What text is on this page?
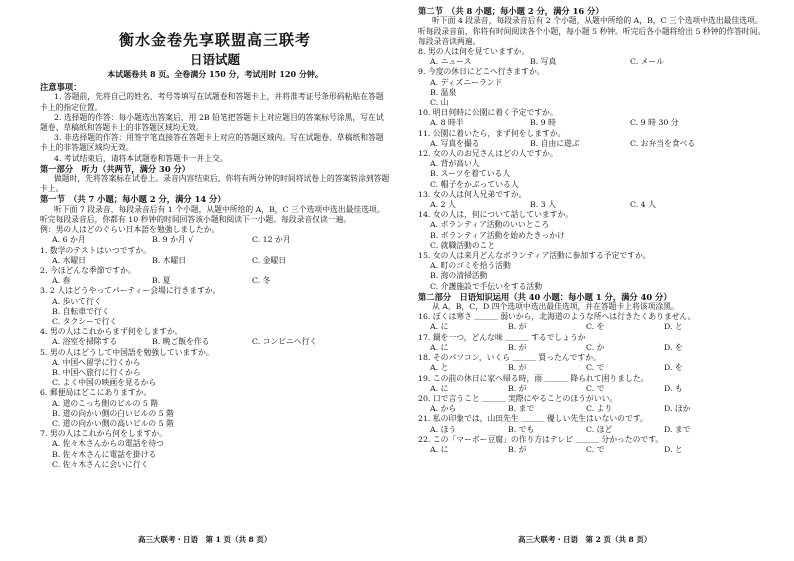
衡水金卷先享联盟高三联考
日语试题
本试题卷共 8 页。全卷满分 150 分，考试用时 120 分钟。
注意事项：
1. 答题前，先将自己的姓名、考号等填写在试题卷和答题卡上，并将准考证号条形码粘贴在答题卡上的指定位置。
2. 选择题的作答：每小题选出答案后，用 2B 铅笔把答题卡上对应题目的答案标号涂黑，写在试题卷、草稿纸和答题卡上的非答题区域均无效。
3. 非选择题的作答：用签字笔直接答在答题卡上对应的答题区域内。写在试题卷、草稿纸和答题卡上的非答题区域均无效。
4. 考试结束后，请将本试题卷和答题卡一并上交。
第一部分　听力（共两节，满分 30 分）
做题时，先将答案标在试卷上。录音内容结束后，你将有两分钟的时间将试卷上的答案转涂到答题卡上。
第一节　（共 7 小题；每小题 2 分，满分 14 分）
听下面 7 段录音，每段录音后有 1 个小题，从题中所给的 A，B，C 三个选项中选出最佳选项。听完每段录音后，你都有 10 秒钟的时间回答该小题和阅读下一小题。每段录音仅读一遍。
例：男の人はどのぐらい日本語を勉強しましたか。
A. 6 か月	B. 9 か月 √	C. 12 か月
1. 数学のテストはいつですか。
A. 水曜日	B. 木曜日	C. 金曜日
2. 今ほどんな季節ですか。
A. 春	B. 夏	C. 冬
3. 2 人はどうやってパーティー会場に行きますか。
A. 歩いて行く
B. 自転車で行く
C. タクシーで行く
4. 男の人はこれからまず何をしますか。
A. 浴室を掃除する	B. 晩ご飯を作る	C. コンビニへ行く
5. 男の人はどうして中国語を勉強していますか。
A. 中国へ留学に行くから
B. 中国へ旅行に行くから
C. よく中国の映画を見るから
6. 郵便局はどこにありますか。
A. 道のこっち側のビルの 5 階
B. 道の向かい側の白いビルの 5 階
C. 道の向かい側の高いビルの 5 階
7. 男の人はこれから何をしますか。
A. 佐々木さんからの電話を待つ
B. 佐々木さんに電話を掛ける
C. 佐々木さんに会いに行く
高三大联考・日语　第 1 页（共 8 页）
第二节　（共 8 小题；每小题 2 分，满分 16 分）
听下面 4 段录音，每段录音后有 2 个小题，从题中所给的 A，B，C 三个选项中选出最佳选项。听每段录音前，你将有时间阅读各个小题，每小题 5 秒钟。听完后各小题将给出 5 秒钟的作答时间。每段录音读两遍。
8. 男の人は何を見ていますか。
A. ニュース	B. 写真	C. メール
9. 今度の休日にどこへ行きますか。
A. ディズニーランド
B. 温泉
C. 山
10. 明日何時に公園に着く予定ですか。
A. 8 時半	B. 9 時	C. 9 時 30 分
11. 公園に着いたら，まず何をしますか。
A. 写真を撮る	B. 自由に遊ぶ	C. お弁当を食べる
12. 女の人のお兄さんはどの人ですか。
A. 背が高い人
B. スーツを着ている人
C. 帽子をかぶっている人
13. 女の人は何人兄弟ですか。
A. 2 人	B. 3 人	C. 4 人
14. 女の人は，何について話していますか。
A. ボランティア活動のいいところ
B. ボランティア活動を始めたきっかけ
C. 就職活動のこと
15. 女の人は来月どんなボランティア活動に参加する予定ですか。
A. 町のゴミを拾う活動
B. 海の清掃活動
C. 介護施設で手伝いをする活動
第二部分　日语知识运用（共 40 小题：每小题 1 分，满分 40 分）
从 A，B，C，D 四个选项中选出最佳选项，并在答题卡上将该项涂黑。
16. ぼくは寒さ ＿＿＿ 弱いから，北海道のような所へは行きたくありません。
A. に	B. が	C. を	D. と
17. 鍋を一つ，どんな味 ＿＿＿ するでしょうか
A. に	B. が	C. か	D. を
18. そのパソコン，いくら ＿＿＿ 買ったんですか。
A. と	B. が	C. で	D. を
19. この前の休日に家へ帰る時，雨 ＿＿＿ 降られて困りました。
A. に	B. が	C. で	D. も
20. 口で言うこと ＿＿＿ 実際にやることのほうがいい。
A. から	B. まで	C. より	D. ほか
21. 私の印象では，山田先生 ＿＿＿ 優しい先生はいないのです。
A. ほう	B. でも	C. ほど	D. まで
22. この「マーボー豆腐」の作り方はテレビ ＿＿＿ 分かったのです。
A. に	B. が	C. で	D. と
高三大联考・日语　第 2 页（共 8 页）
